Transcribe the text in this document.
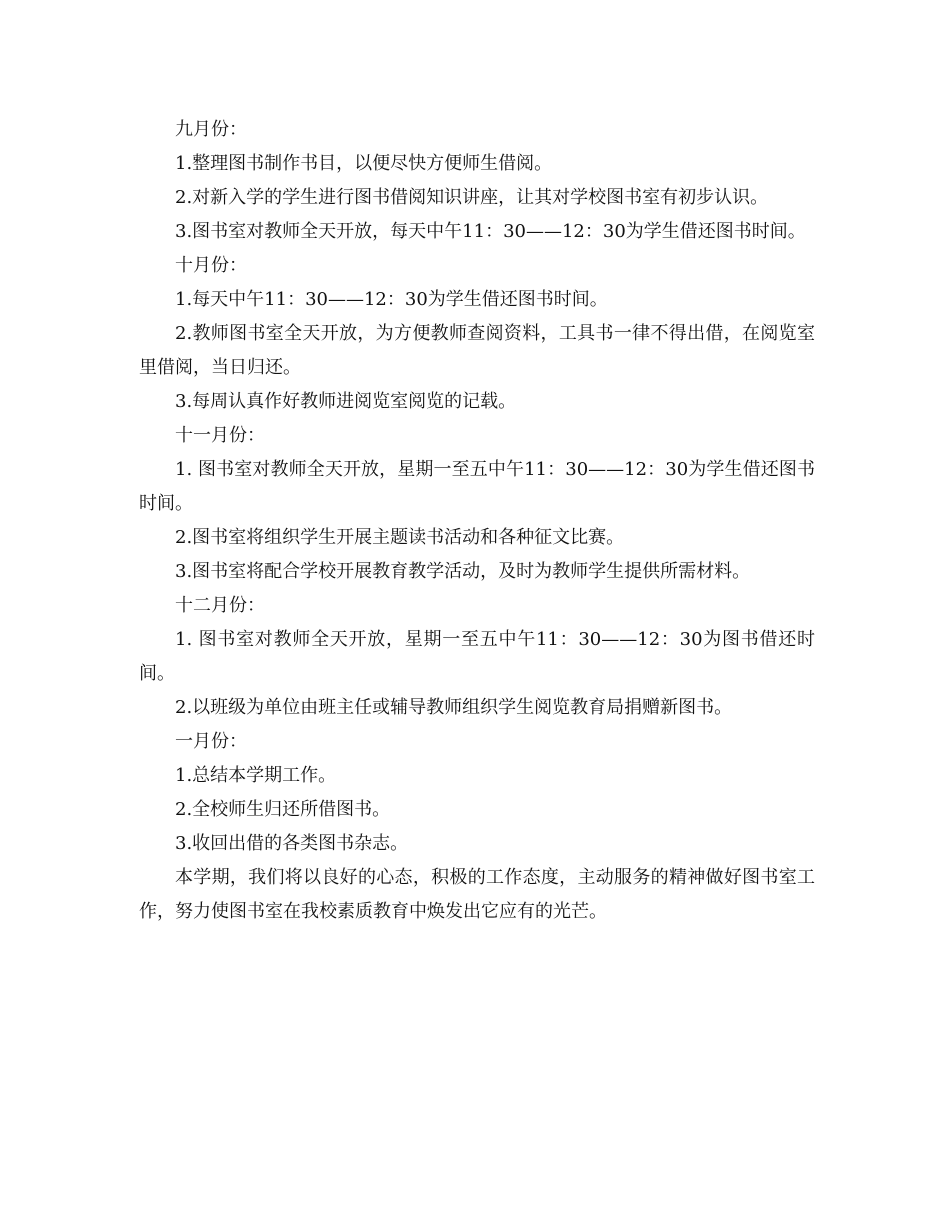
九月份：

1.整理图书制作书目，以便尽快方便师生借阅。

2.对新入学的学生进行图书借阅知识讲座，让其对学校图书室有初步认识。

3.图书室对教师全天开放，每天中午11：30——12：30为学生借还图书时间。

十月份：

1.每天中午11：30——12：30为学生借还图书时间。

2.教师图书室全天开放，为方便教师查阅资料，工具书一律不得出借，在阅览室里借阅，当日归还。

3.每周认真作好教师进阅览室阅览的记载。

十一月份：

1. 图书室对教师全天开放，星期一至五中午11：30——12：30为学生借还图书时间。

2.图书室将组织学生开展主题读书活动和各种征文比赛。

3.图书室将配合学校开展教育教学活动，及时为教师学生提供所需材料。

十二月份：

1. 图书室对教师全天开放，星期一至五中午11：30——12：30为图书借还时间。

2.以班级为单位由班主任或辅导教师组织学生阅览教育局捐赠新图书。

一月份：

1.总结本学期工作。

2.全校师生归还所借图书。

3.收回出借的各类图书杂志。

本学期，我们将以良好的心态，积极的工作态度，主动服务的精神做好图书室工作，努力使图书室在我校素质教育中焕发出它应有的光芒。
